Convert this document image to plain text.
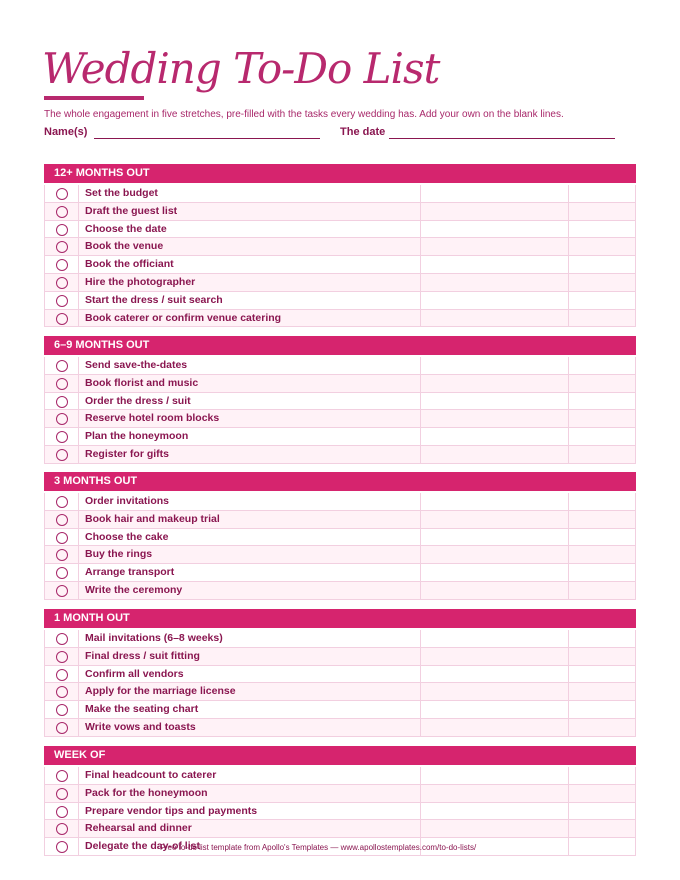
Wedding To-Do List
The whole engagement in five stretches, pre-filled with the tasks every wedding has. Add your own on the blank lines.
Name(s)	The date
12+ MONTHS OUT
Set the budget
Draft the guest list
Choose the date
Book the venue
Book the officiant
Hire the photographer
Start the dress / suit search
Book caterer or confirm venue catering
6–9 MONTHS OUT
Send save-the-dates
Book florist and music
Order the dress / suit
Reserve hotel room blocks
Plan the honeymoon
Register for gifts
3 MONTHS OUT
Order invitations
Book hair and makeup trial
Choose the cake
Buy the rings
Arrange transport
Write the ceremony
1 MONTH OUT
Mail invitations (6–8 weeks)
Final dress / suit fitting
Confirm all vendors
Apply for the marriage license
Make the seating chart
Write vows and toasts
WEEK OF
Final headcount to caterer
Pack for the honeymoon
Prepare vendor tips and payments
Rehearsal and dinner
Delegate the day-of list
Free to-do list template from Apollo's Templates — www.apollostemplates.com/to-do-lists/
